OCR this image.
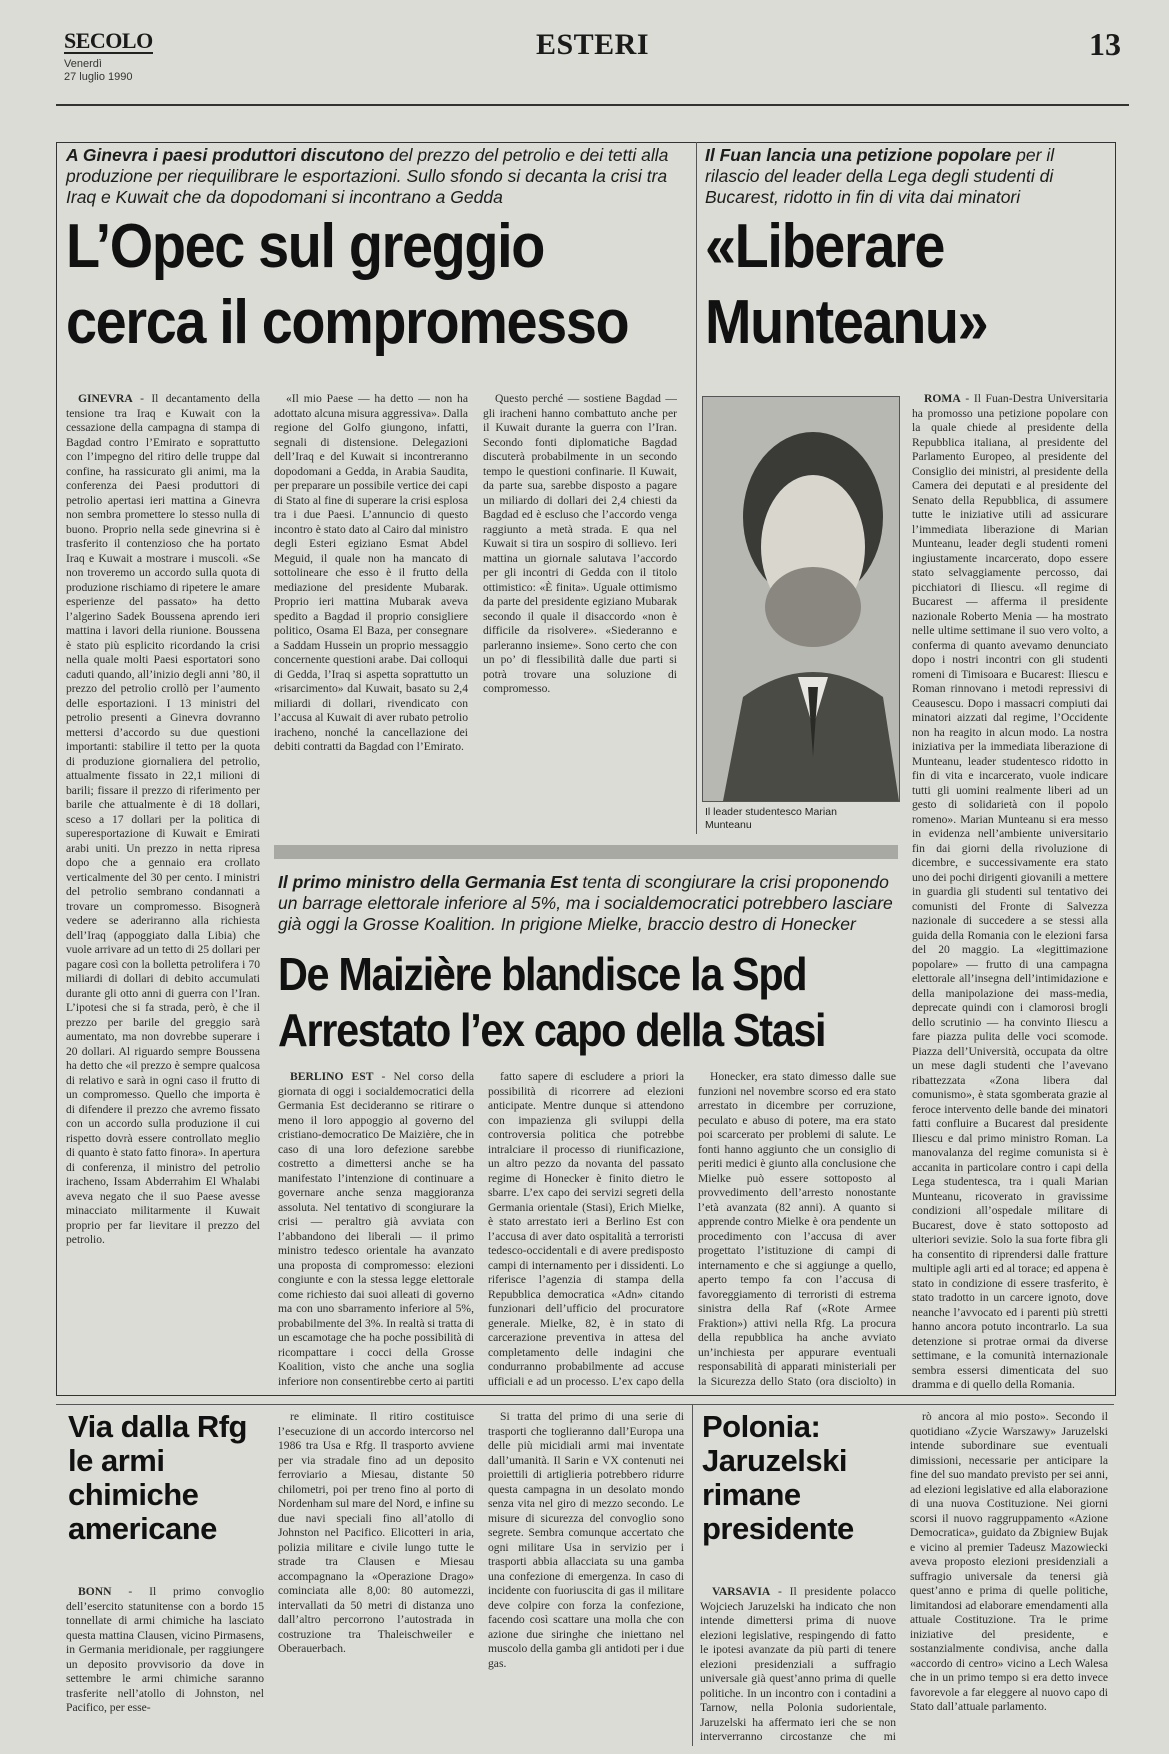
SECOLO
Venerdì
27 luglio 1990
ESTERI	13
A Ginevra i paesi produttori discutono del prezzo del petrolio e dei tetti alla produzione per riequilibrare le esportazioni. Sullo sfondo si decanta la crisi tra Iraq e Kuwait che da dopodomani si incontrano a Gedda
L’Opec sul greggio
cerca il compromesso

GINEVRA - Il decantamento della tensione tra Iraq e Kuwait con la cessazione della campagna di stampa di Bagdad contro l’Emirato e soprattutto con l’impegno del ritiro delle truppe dal confine, ha rassicurato gli animi, ma la conferenza dei Paesi produttori di petrolio apertasi ieri mattina a Ginevra non sembra promettere lo stesso nulla di buono. Proprio nella sede ginevrina si è trasferito il contenzioso che ha portato Iraq e Kuwait a mostrare i muscoli. «Se non troveremo un accordo sulla quota di produzione rischiamo di ripetere le amare esperienze del passato» ha detto l’algerino Sadek Boussena aprendo ieri mattina i lavori della riunione. Boussena è stato più esplicito ricordando la crisi nella quale molti Paesi esportatori sono caduti quando, all’inizio degli anni ’80, il prezzo del petrolio crollò per l’aumento delle esportazioni. I 13 ministri del petrolio presenti a Ginevra dovranno mettersi d’accordo su due questioni importanti: stabilire il tetto per la quota di produzione giornaliera del petrolio, attualmente fissato in 22,1 milioni di barili; fissare il prezzo di riferimento per barile che attualmente è di 18 dollari, sceso a 17 dollari per la politica di superesportazione di Kuwait e Emirati arabi uniti. Un prezzo in netta ripresa dopo che a gennaio era crollato verticalmente del 30 per cento. I ministri del petrolio sembrano condannati a trovare un compromesso. Bisognerà vedere se aderiranno alla richiesta dell’Iraq (appoggiato dalla Libia) che vuole arrivare ad un tetto di 25 dollari per pagare così con la bolletta petrolifera i 70 miliardi di dollari di debito accumulati durante gli otto anni di guerra con l’Iran. L’ipotesi che si fa strada, però, è che il prezzo per barile del greggio sarà aumentato, ma non dovrebbe superare i 20 dollari. Al riguardo sempre Boussena ha detto che «il prezzo è sempre qualcosa di relativo e sarà in ogni caso il frutto di un compromesso. Quello che importa è di difendere il prezzo che avremo fissato con un accordo sulla produzione il cui rispetto dovrà essere controllato meglio di quanto è stato fatto finora». In apertura di conferenza, il ministro del petrolio iracheno, Issam Abderrahim El Whalabi aveva negato che il suo Paese avesse minacciato militarmente il Kuwait proprio per far lievitare il prezzo del petrolio.

«Il mio Paese — ha detto — non ha adottato alcuna misura aggressiva». Dalla regione del Golfo giungono, infatti, segnali di distensione. Delegazioni dell’Iraq e del Kuwait si incontreranno dopodomani a Gedda, in Arabia Saudita, per preparare un possibile vertice dei capi di Stato al fine di superare la crisi esplosa tra i due Paesi. L’annuncio di questo incontro è stato dato al Cairo dal ministro degli Esteri egiziano Esmat Abdel Meguid, il quale non ha mancato di sottolineare che esso è il frutto della mediazione del presidente Mubarak. Proprio ieri mattina Mubarak aveva spedito a Bagdad il proprio consigliere politico, Osama El Baza, per consegnare a Saddam Hussein un proprio messaggio concernente questioni arabe. Dai colloqui di Gedda, l’Iraq si aspetta soprattutto un «risarcimento» dal Kuwait, basato su 2,4 miliardi di dollari, rivendicato con l’accusa al Kuwait di aver rubato petrolio iracheno, nonché la cancellazione dei debiti contratti da Bagdad con l’Emirato.

Questo perché — sostiene Bagdad — gli iracheni hanno combattuto anche per il Kuwait durante la guerra con l’Iran. Secondo fonti diplomatiche Bagdad discuterà probabilmente in un secondo tempo le questioni confinarie. Il Kuwait, da parte sua, sarebbe disposto a pagare un miliardo di dollari dei 2,4 chiesti da Bagdad ed è escluso che l’accordo venga raggiunto a metà strada. E qua nel Kuwait si tira un sospiro di sollievo. Ieri mattina un giornale salutava l’accordo per gli incontri di Gedda con il titolo ottimistico: «È finita». Uguale ottimismo da parte del presidente egiziano Mubarak secondo il quale il disaccordo «non è difficile da risolvere». «Siederanno e parleranno insieme». Sono certo che con un po’ di flessibilità dalle due parti si potrà trovare una soluzione di compromesso.

Il Fuan lancia una petizione popolare per il rilascio del leader della Lega degli studenti di Bucarest, ridotto in fin di vita dai minatori
«Liberare
Munteanu»
Il leader studentesco Marian Munteanu

ROMA - Il Fuan-Destra Universitaria ha promosso una petizione popolare con la quale chiede al presidente della Repubblica italiana, al presidente del Parlamento Europeo, al presidente del Consiglio dei ministri, al presidente della Camera dei deputati e al presidente del Senato della Repubblica, di assumere tutte le iniziative utili ad assicurare l’immediata liberazione di Marian Munteanu, leader degli studenti romeni ingiustamente incarcerato, dopo essere stato selvaggiamente percosso, dai picchiatori di Iliescu. «Il regime di Bucarest — afferma il presidente nazionale Roberto Menia — ha mostrato nelle ultime settimane il suo vero volto, a conferma di quanto avevamo denunciato dopo i nostri incontri con gli studenti romeni di Timisoara e Bucarest: Iliescu e Roman rinnovano i metodi repressivi di Ceausescu. Dopo i massacri compiuti dai minatori aizzati dal regime, l’Occidente non ha reagito in alcun modo. La nostra iniziativa per la immediata liberazione di Munteanu, leader studentesco ridotto in fin di vita e incarcerato, vuole indicare tutti gli uomini realmente liberi ad un gesto di solidarietà con il popolo romeno». Marian Munteanu si era messo in evidenza nell’ambiente universitario fin dai giorni della rivoluzione di dicembre, e successivamente era stato uno dei pochi dirigenti giovanili a mettere in guardia gli studenti sul tentativo dei comunisti del Fronte di Salvezza nazionale di succedere a se stessi alla guida della Romania con le elezioni farsa del 20 maggio. La «legittimazione popolare» — frutto di una campagna elettorale all’insegna dell’intimidazione e della manipolazione dei mass-media, deprecate quindi con i clamorosi brogli dello scrutinio — ha convinto Iliescu a fare piazza pulita delle voci scomode. Piazza dell’Università, occupata da oltre un mese dagli studenti che l’avevano ribattezzata «Zona libera dal comunismo», è stata sgomberata grazie al feroce intervento delle bande dei minatori fatti confluire a Bucarest dal presidente Iliescu e dal primo ministro Roman. La manovalanza del regime comunista si è accanita in particolare contro i capi della Lega studentesca, tra i quali Marian Munteanu, ricoverato in gravissime condizioni all’ospedale militare di Bucarest, dove è stato sottoposto ad ulteriori sevizie. Solo la sua forte fibra gli ha consentito di riprendersi dalle fratture multiple agli arti ed al torace; ed appena è stato in condizione di essere trasferito, è stato tradotto in un carcere ignoto, dove neanche l’avvocato ed i parenti più stretti hanno ancora potuto incontrarlo. La sua detenzione si protrae ormai da diverse settimane, e la comunità internazionale sembra essersi dimenticata del suo dramma e di quello della Romania.

Il primo ministro della Germania Est tenta di scongiurare la crisi proponendo un barrage elettorale inferiore al 5%, ma i socialdemocratici potrebbero lasciare già oggi la Grosse Koalition. In prigione Mielke, braccio destro di Honecker
De Maizière blandisce la Spd
Arrestato l’ex capo della Stasi

BERLINO EST - Nel corso della giornata di oggi i socialdemocratici della Germania Est decideranno se ritirare o meno il loro appoggio al governo del cristiano-democratico De Maizière, che in caso di una loro defezione sarebbe costretto a dimettersi anche se ha manifestato l’intenzione di continuare a governare anche senza maggioranza assoluta. Nel tentativo di scongiurare la crisi — peraltro già avviata con l’abbandono dei liberali — il primo ministro tedesco orientale ha avanzato una proposta di compromesso: elezioni congiunte e con la stessa legge elettorale come richiesto dai suoi alleati di governo ma con uno sbarramento inferiore al 5%, probabilmente del 3%. In realtà si tratta di un escamotage che ha poche possibilità di ricompattare i cocci della Grosse Koalition, visto che anche una soglia inferiore non consentirebbe certo ai partiti

fatto sapere di escludere a priori la possibilità di ricorrere ad elezioni anticipate. Mentre dunque si attendono con impazienza gli sviluppi della controversia politica che potrebbe intralciare il processo di riunificazione, un altro pezzo da novanta del passato regime di Honecker è finito dietro le sbarre. L’ex capo dei servizi segreti della Germania orientale (Stasi), Erich Mielke, è stato arrestato ieri a Berlino Est con l’accusa di aver dato ospitalità a terroristi tedesco-occidentali e di avere predisposto campi di internamento per i dissidenti. Lo riferisce l’agenzia di stampa della Repubblica democratica «Adn» citando funzionari dell’ufficio del procuratore generale. Mielke, 82, è in stato di carcerazione preventiva in attesa del completamento delle indagini che condurranno probabilmente ad accuse ufficiali e ad un processo. L’ex capo della

Honecker, era stato dimesso dalle sue funzioni nel novembre scorso ed era stato arrestato in dicembre per corruzione, peculato e abuso di potere, ma era stato poi scarcerato per problemi di salute. Le fonti hanno aggiunto che un consiglio di periti medici è giunto alla conclusione che Mielke può essere sottoposto al provvedimento dell’arresto nonostante l’età avanzata (82 anni). A quanto si apprende contro Mielke è ora pendente un procedimento con l’accusa di aver progettato l’istituzione di campi di internamento e che si aggiunge a quello, aperto tempo fa con l’accusa di favoreggiamento di terroristi di estrema sinistra della Raf («Rote Armee Fraktion») attivi nella Rfg. La procura della repubblica ha anche avviato un’inchiesta per appurare eventuali responsabilità di apparati ministeriali per la Sicurezza dello Stato (ora disciolto) in

Via dalla Rfg le armi chimiche americane

BONN - Il primo convoglio dell’esercito statunitense con a bordo 15 tonnellate di armi chimiche ha lasciato questa mattina Clausen, vicino Pirmasens, in Germania meridionale, per raggiungere un deposito provvisorio da dove in settembre le armi chimiche saranno trasferite nell’atollo di Johnston, nel Pacifico, per esse-

re eliminate. Il ritiro costituisce l’esecuzione di un accordo intercorso nel 1986 tra Usa e Rfg. Il trasporto avviene per via stradale fino ad un deposito ferroviario a Miesau, distante 50 chilometri, poi per treno fino al porto di Nordenham sul mare del Nord, e infine su due navi speciali fino all’atollo di Johnston nel Pacifico. Elicotteri in aria, polizia militare e civile lungo tutte le strade tra Clausen e Miesau accompagnano la «Operazione Drago» cominciata alle 8,00: 80 automezzi, intervallati da 50 metri di distanza uno dall’altro percorrono l’autostrada in costruzione tra Thaleischweiler e Oberauerbach.

Si tratta del primo di una serie di trasporti che toglieranno dall’Europa una delle più micidiali armi mai inventate dall’umanità. Il Sarin e VX contenuti nei proiettili di artiglieria potrebbero ridurre questa campagna in un desolato mondo senza vita nel giro di mezzo secondo. Le misure di sicurezza del convoglio sono segrete. Sembra comunque accertato che ogni militare Usa in servizio per i trasporti abbia allacciata su una gamba una confezione di emergenza. In caso di incidente con fuoriuscita di gas il militare deve colpire con forza la confezione, facendo così scattare una molla che con azione due siringhe che iniettano nel muscolo della gamba gli antidoti per i due gas.

Polonia: Jaruzelski rimane presidente

VARSAVIA - Il presidente polacco Wojciech Jaruzelski ha indicato che non intende dimettersi prima di nuove elezioni legislative, respingendo di fatto le ipotesi avanzate da più parti di tenere elezioni presidenziali a suffragio universale già quest’anno prima di quelle politiche. In un incontro con i contadini a Tarnow, nella Polonia sudorientale, Jaruzelski ha affermato ieri che se non interverranno circostanze che mi

rò ancora al mio posto». Secondo il quotidiano «Zycie Warszawy» Jaruzelski intende subordinare sue eventuali dimissioni, necessarie per anticipare la fine del suo mandato previsto per sei anni, ad elezioni legislative ed alla elaborazione di una nuova Costituzione. Nei giorni scorsi il nuovo raggruppamento «Azione Democratica», guidato da Zbigniew Bujak e vicino al premier Tadeusz Mazowiecki aveva proposto elezioni presidenziali a suffragio universale da tenersi già quest’anno e prima di quelle politiche, limitandosi ad elaborare emendamenti alla attuale Costituzione. Tra le prime iniziative del presidente, e sostanzialmente condivisa, anche dalla «accordo di centro» vicino a Lech Walesa che in un primo tempo si era detto invece favorevole a far eleggere al nuovo capo di Stato dall’attuale parlamento.
